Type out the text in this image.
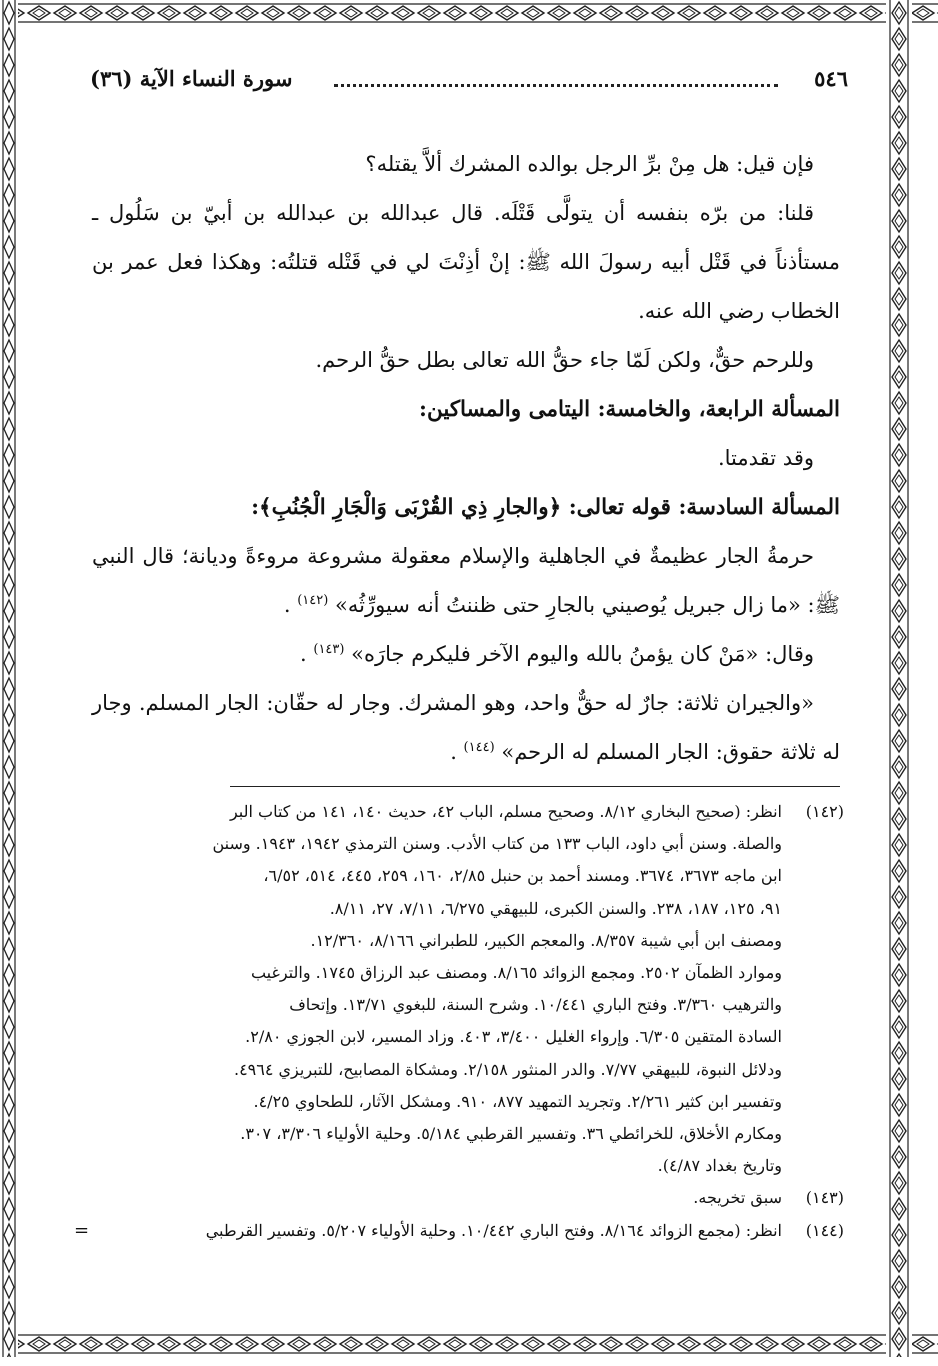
٥٤٦
سورة النساء الآية (٣٦)

فإن قيل: هل مِنْ برِّ الرجل بوالده المشرك ألاَّ يقتله؟

قلنا: من برّه بنفسه أن يتولَّى قَتْلَه. قال عبدالله بن عبدالله بن أبيّ بن سَلُول ـ مستأذناً في قَتْل أبيه رسولَ الله ﷺ: إنْ أذِنْتَ لي في قَتْله قتلتُه: وهكذا فعل عمر بن الخطاب رضي الله عنه.

وللرحم حقٌّ، ولكن لَمّا جاء حقُّ الله تعالى بطل حقُّ الرحم.

المسألة الرابعة، والخامسة: اليتامى والمساكين:

وقد تقدمتا.

المسألة السادسة: قوله تعالى: ﴿والجارِ ذِي القُرْبَى وَالْجَارِ الْجُنُبِ﴾:

حرمةُ الجار عظيمةٌ في الجاهلية والإسلام معقولة مشروعة مروءةً وديانة؛ قال النبي ﷺ: «ما زال جبريل يُوصيني بالجارِ حتى ظننتُ أنه سيورِّثُه» $^{(١٤٢)}$ .

وقال: «مَنْ كان يؤمنُ بالله واليوم الآخر فليكرم جارَه» $^{(١٤٣)}$ .

«والجيران ثلاثة: جارٌ له حقٌّ واحد، وهو المشرك. وجار له حقّان: الجار المسلم. وجار له ثلاثة حقوق: الجار المسلم له الرحم» $^{(١٤٤)}$ .

(١٤٢)
انظر: (صحيح البخاري ٨/١٢. وصحيح مسلم، الباب ٤٢، حديث ١٤٠، ١٤١ من كتاب البر
والصلة. وسنن أبي داود، الباب ١٣٣ من كتاب الأدب. وسنن الترمذي ١٩٤٢، ١٩٤٣. وسنن
ابن ماجه ٣٦٧٣، ٣٦٧٤. ومسند أحمد بن حنبل ٢/٨٥، ١٦٠، ٢٥٩، ٤٤٥، ٥١٤، ٦/٥٢،
٩١، ١٢٥، ١٨٧، ٢٣٨. والسنن الكبرى، للبيهقي ٦/٢٧٥، ٧/١١، ٢٧، ٨/١١.
ومصنف ابن أبي شيبة ٨/٣٥٧. والمعجم الكبير، للطبراني ٨/١٦٦، ١٢/٣٦٠.
وموارد الظمآن ٢٥٠٢. ومجمع الزوائد ٨/١٦٥. ومصنف عبد الرزاق ١٧٤٥. والترغيب
والترهيب ٣/٣٦٠. وفتح الباري ١٠/٤٤١. وشرح السنة، للبغوي ١٣/٧١. وإتحاف
السادة المتقين ٦/٣٠٥. وإرواء الغليل ٣/٤٠٠، ٤٠٣. وزاد المسير، لابن الجوزي ٢/٨٠.
ودلائل النبوة، للبيهقي ٧/٧٧. والدر المنثور ٢/١٥٨. ومشكاة المصابيح، للتبريزي ٤٩٦٤.
وتفسير ابن كثير ٢/٢٦١. وتجريد التمهيد ٨٧٧، ٩١٠. ومشكل الآثار، للطحاوي ٤/٢٥.
ومكارم الأخلاق، للخرائطي ٣٦. وتفسير القرطبي ٥/١٨٤. وحلية الأولياء ٣/٣٠٦، ٣٠٧.
وتاريخ بغداد ٤/٨٧).
(١٤٣)
سبق تخريجه.
(١٤٤)
انظر: (مجمع الزوائد ٨/١٦٤. وفتح الباري ١٠/٤٤٢. وحلية الأولياء ٥/٢٠٧. وتفسير القرطبي
=
